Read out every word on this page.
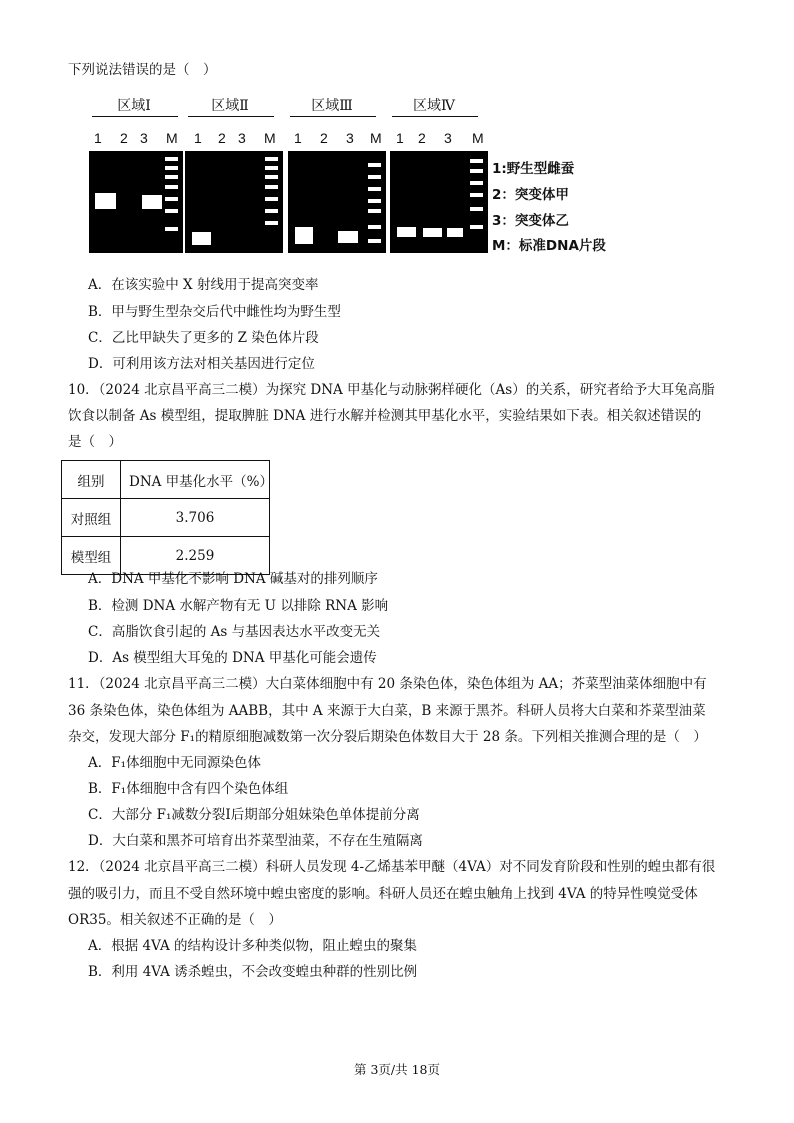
下列说法错误的是（　）
区域Ⅰ	区域Ⅱ	区域Ⅲ	区域Ⅳ
1 2 3 M 1 2 3 M 1 2 3 M 1 2 3 M
1:野生型雌蚕
2：突变体甲
3：突变体乙
M：标准DNA片段
A．在该实验中 X 射线用于提高突变率
B．甲与野生型杂交后代中雌性均为野生型
C．乙比甲缺失了更多的 Z 染色体片段
D．可利用该方法对相关基因进行定位
10．（2024 北京昌平高三二模）为探究 DNA 甲基化与动脉粥样硬化（As）的关系，研究者给予大耳兔高脂
饮食以制备 As 模型组，提取脾脏 DNA 进行水解并检测其甲基化水平，实验结果如下表。相关叙述错误的
是（　）
组别	DNA 甲基化水平（%）
对照组	3.706
模型组	2.259
A．DNA 甲基化不影响 DNA 碱基对的排列顺序
B．检测 DNA 水解产物有无 U 以排除 RNA 影响
C．高脂饮食引起的 As 与基因表达水平改变无关
D．As 模型组大耳兔的 DNA 甲基化可能会遗传
11．（2024 北京昌平高三二模）大白菜体细胞中有 20 条染色体，染色体组为 AA；芥菜型油菜体细胞中有
36 条染色体，染色体组为 AABB，其中 A 来源于大白菜，B 来源于黑芥。科研人员将大白菜和芥菜型油菜
杂交，发现大部分 F₁的精原细胞减数第一次分裂后期染色体数目大于 28 条。下列相关推测合理的是（　）
A．F₁体细胞中无同源染色体
B．F₁体细胞中含有四个染色体组
C．大部分 F₁减数分裂Ⅰ后期部分姐妹染色单体提前分离
D．大白菜和黑芥可培育出芥菜型油菜，不存在生殖隔离
12．（2024 北京昌平高三二模）科研人员发现 4-乙烯基苯甲醚（4VA）对不同发育阶段和性别的蝗虫都有很
强的吸引力，而且不受自然环境中蝗虫密度的影响。科研人员还在蝗虫触角上找到 4VA 的特异性嗅觉受体
OR35。相关叙述不正确的是（　）
A．根据 4VA 的结构设计多种类似物，阻止蝗虫的聚集
B．利用 4VA 诱杀蝗虫，不会改变蝗虫种群的性别比例
第 3页/共 18页
